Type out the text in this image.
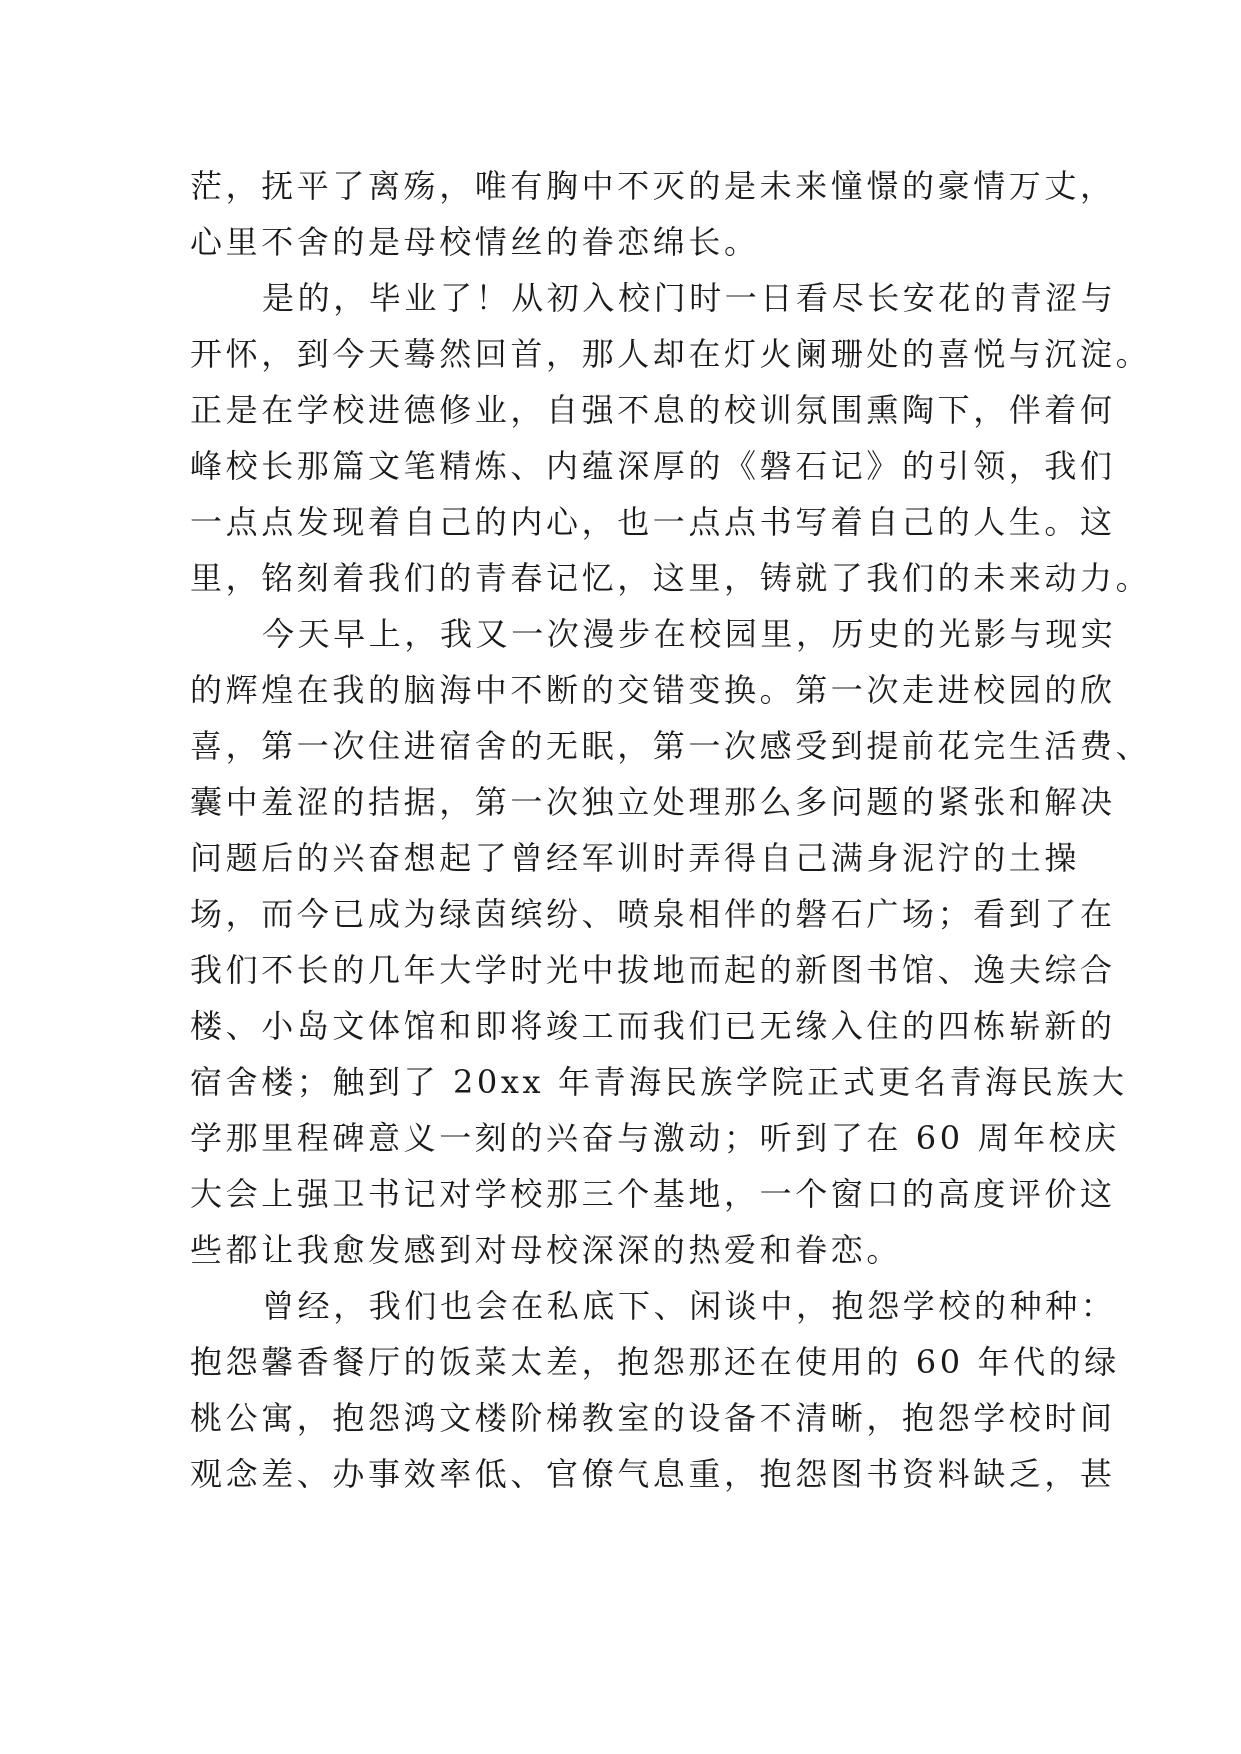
茫，抚平了离殇，唯有胸中不灭的是未来憧憬的豪情万丈，
心里不舍的是母校情丝的眷恋绵长。
是的，毕业了！从初入校门时一日看尽长安花的青涩与
开怀，到今天蓦然回首，那人却在灯火阑珊处的喜悦与沉淀。
正是在学校进德修业，自强不息的校训氛围熏陶下，伴着何
峰校长那篇文笔精炼、内蕴深厚的《磐石记》的引领，我们
一点点发现着自己的内心，也一点点书写着自己的人生。这
里，铭刻着我们的青春记忆，这里，铸就了我们的未来动力。
今天早上，我又一次漫步在校园里，历史的光影与现实
的辉煌在我的脑海中不断的交错变换。第一次走进校园的欣
喜，第一次住进宿舍的无眠，第一次感受到提前花完生活费、
囊中羞涩的拮据，第一次独立处理那么多问题的紧张和解决
问题后的兴奋想起了曾经军训时弄得自己满身泥泞的土操
场，而今已成为绿茵缤纷、喷泉相伴的磐石广场；看到了在
我们不长的几年大学时光中拔地而起的新图书馆、逸夫综合
楼、小岛文体馆和即将竣工而我们已无缘入住的四栋崭新的
宿舍楼；触到了 20xx 年青海民族学院正式更名青海民族大
学那里程碑意义一刻的兴奋与激动；听到了在 60 周年校庆
大会上强卫书记对学校那三个基地，一个窗口的高度评价这
些都让我愈发感到对母校深深的热爱和眷恋。
曾经，我们也会在私底下、闲谈中，抱怨学校的种种：
抱怨馨香餐厅的饭菜太差，抱怨那还在使用的 60 年代的绿
桃公寓，抱怨鸿文楼阶梯教室的设备不清晰，抱怨学校时间
观念差、办事效率低、官僚气息重，抱怨图书资料缺乏，甚
